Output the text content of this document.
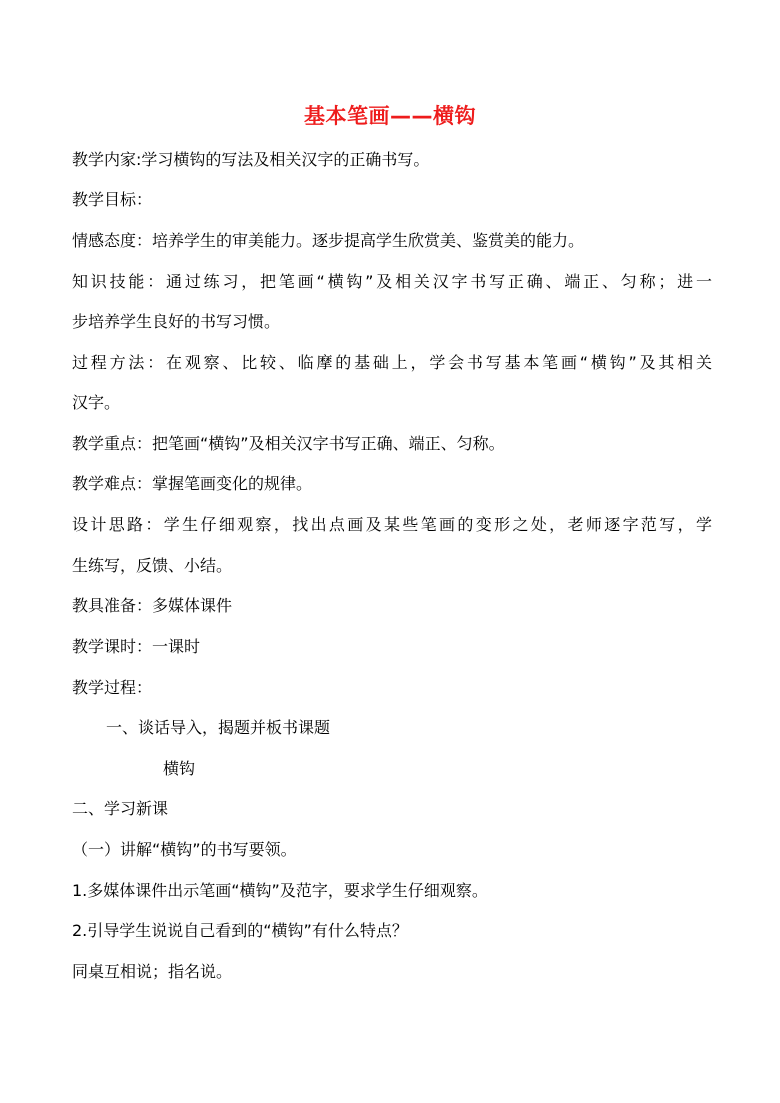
基本笔画——横钩
教学内家:学习横钩的写法及相关汉字的正确书写。
教学目标：
情感态度：培养学生的审美能力。逐步提高学生欣赏美、鉴赏美的能力。
知识技能：通过练习，把笔画“横钩”及相关汉字书写正确、端正、匀称；进一
步培养学生良好的书写习惯。
过程方法：在观察、比较、临摩的基础上，学会书写基本笔画“横钩”及其相关
汉字。
教学重点：把笔画“横钩”及相关汉字书写正确、端正、匀称。
教学难点：掌握笔画变化的规律。
设计思路：学生仔细观察，找出点画及某些笔画的变形之处，老师逐字范写，学
生练写，反馈、小结。
教具准备：多媒体课件
教学课时：一课时
教学过程：
一、谈话导入，揭题并板书课题
横钩
二、学习新课
（一）讲解“横钩”的书写要领。
1.多媒体课件出示笔画“横钩”及范字，要求学生仔细观察。
2.引导学生说说自己看到的“横钩”有什么特点？
同桌互相说；指名说。
